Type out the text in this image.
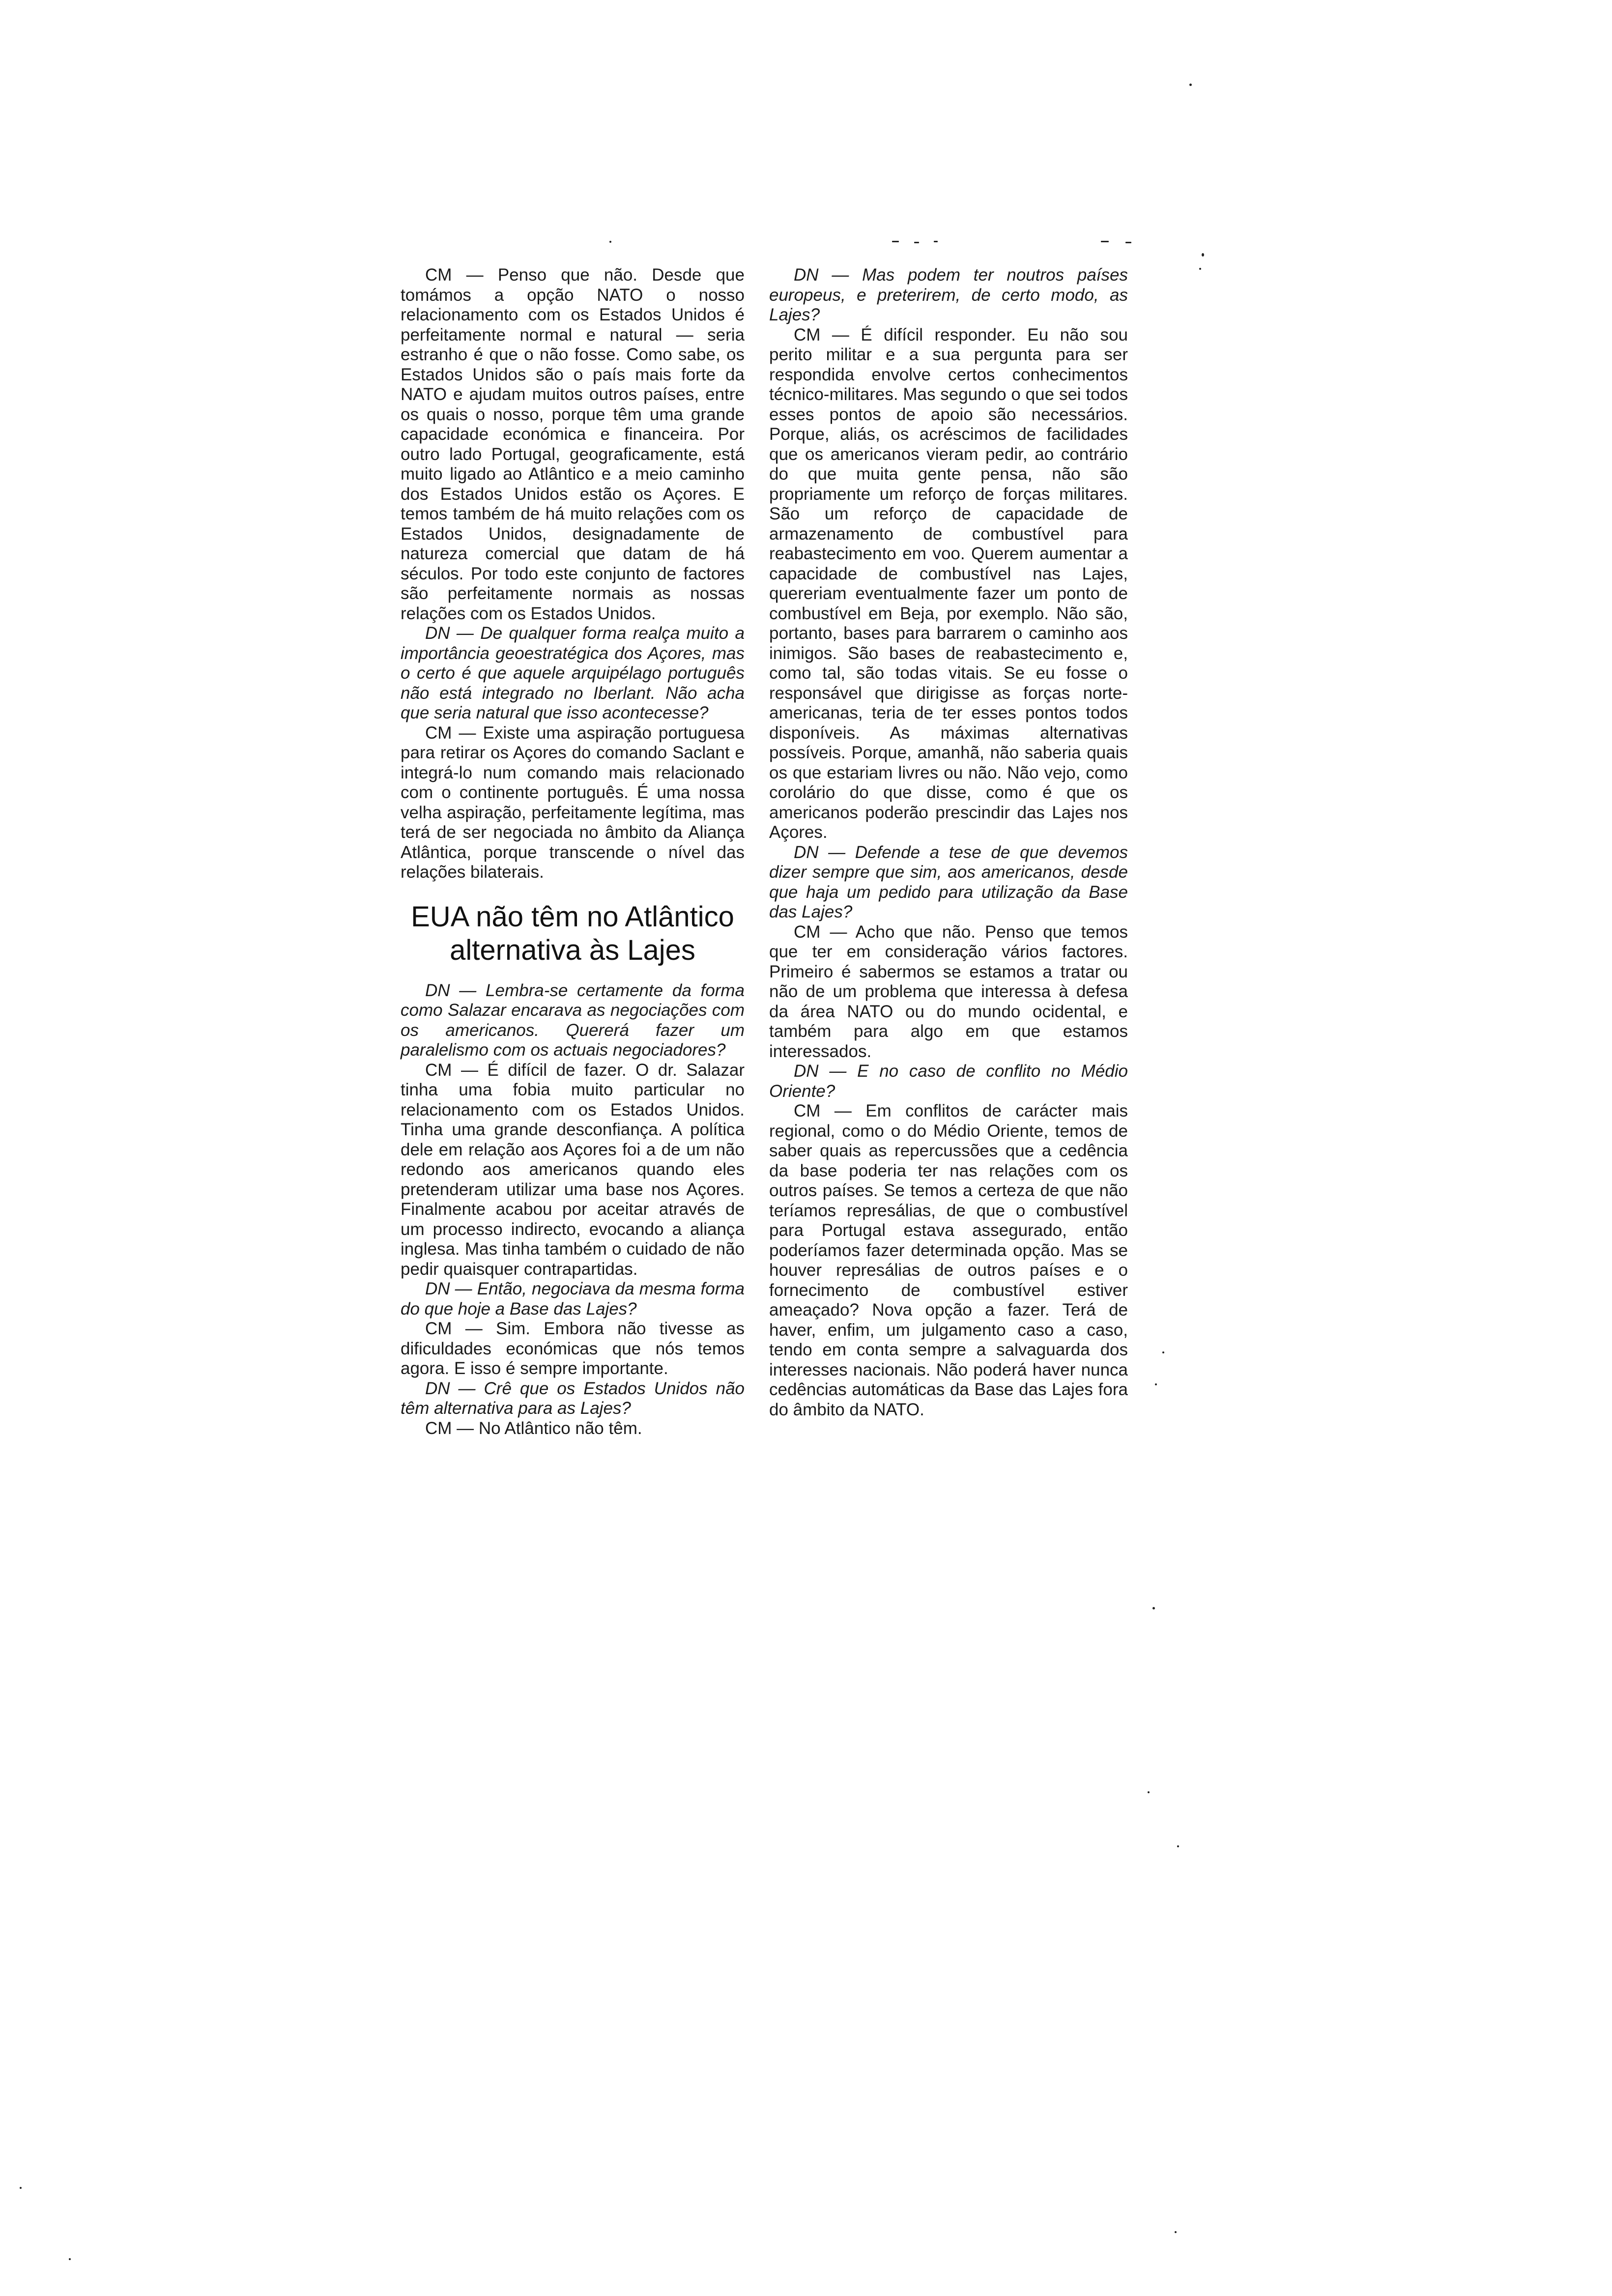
CM — Penso que não. Desde que tomámos a opção NATO o nosso relacionamento com os Estados Unidos é perfeitamente normal e natural — seria estranho é que o não fosse. Como sabe, os Estados Unidos são o país mais forte da NATO e ajudam muitos outros países, entre os quais o nosso, porque têm uma grande capacidade económica e financeira. Por outro lado Portugal, geograficamente, está muito ligado ao Atlântico e a meio caminho dos Estados Unidos estão os Açores. E temos também de há muito relações com os Estados Unidos, designadamente de natureza comercial que datam de há séculos. Por todo este conjunto de factores são perfeitamente normais as nossas relações com os Estados Unidos.

DN — De qualquer forma realça muito a importância geoestratégica dos Açores, mas o certo é que aquele arquipélago português não está integrado no Iberlant. Não acha que seria natural que isso acontecesse?

CM — Existe uma aspiração portuguesa para retirar os Açores do comando Saclant e integrá-lo num comando mais relacionado com o continente português. É uma nossa velha aspiração, perfeitamente legítima, mas terá de ser negociada no âmbito da Aliança Atlântica, porque transcende o nível das relações bilaterais.

EUA não têm no Atlântico alternativa às Lajes

DN — Lembra-se certamente da forma como Salazar encarava as negociações com os americanos. Quererá fazer um paralelismo com os actuais negociadores?

CM — É difícil de fazer. O dr. Salazar tinha uma fobia muito particular no relacionamento com os Estados Unidos. Tinha uma grande desconfiança. A política dele em relação aos Açores foi a de um não redondo aos americanos quando eles pretenderam utilizar uma base nos Açores. Finalmente acabou por aceitar através de um processo indirecto, evocando a aliança inglesa. Mas tinha também o cuidado de não pedir quaisquer contrapartidas.

DN — Então, negociava da mesma forma do que hoje a Base das Lajes?

CM — Sim. Embora não tivesse as dificuldades económicas que nós temos agora. E isso é sempre importante.

DN — Crê que os Estados Unidos não têm alternativa para as Lajes?

CM — No Atlântico não têm.

DN — Mas podem ter noutros países europeus, e preterirem, de certo modo, as Lajes?

CM — É difícil responder. Eu não sou perito militar e a sua pergunta para ser respondida envolve certos conhecimentos técnico-militares. Mas segundo o que sei todos esses pontos de apoio são necessários. Porque, aliás, os acréscimos de facilidades que os americanos vieram pedir, ao contrário do que muita gente pensa, não são propriamente um reforço de forças militares. São um reforço de capacidade de armazenamento de combustível para reabastecimento em voo. Querem aumentar a capacidade de combustível nas Lajes, quereriam eventualmente fazer um ponto de combustível em Beja, por exemplo. Não são, portanto, bases para barrarem o caminho aos inimigos. São bases de reabastecimento e, como tal, são todas vitais. Se eu fosse o responsável que dirigisse as forças norte-americanas, teria de ter esses pontos todos disponíveis. As máximas alternativas possíveis. Porque, amanhã, não saberia quais os que estariam livres ou não. Não vejo, como corolário do que disse, como é que os americanos poderão prescindir das Lajes nos Açores.

DN — Defende a tese de que devemos dizer sempre que sim, aos americanos, desde que haja um pedido para utilização da Base das Lajes?

CM — Acho que não. Penso que temos que ter em consideração vários factores. Primeiro é sabermos se estamos a tratar ou não de um problema que interessa à defesa da área NATO ou do mundo ocidental, e também para algo em que estamos interessados.

DN — E no caso de conflito no Médio Oriente?

CM — Em conflitos de carácter mais regional, como o do Médio Oriente, temos de saber quais as repercussões que a cedência da base poderia ter nas relações com os outros países. Se temos a certeza de que não teríamos represálias, de que o combustível para Portugal estava assegurado, então poderíamos fazer determinada opção. Mas se houver represálias de outros países e o fornecimento de combustível estiver ameaçado? Nova opção a fazer. Terá de haver, enfim, um julgamento caso a caso, tendo em conta sempre a salvaguarda dos interesses nacionais. Não poderá haver nunca cedências automáticas da Base das Lajes fora do âmbito da NATO.
